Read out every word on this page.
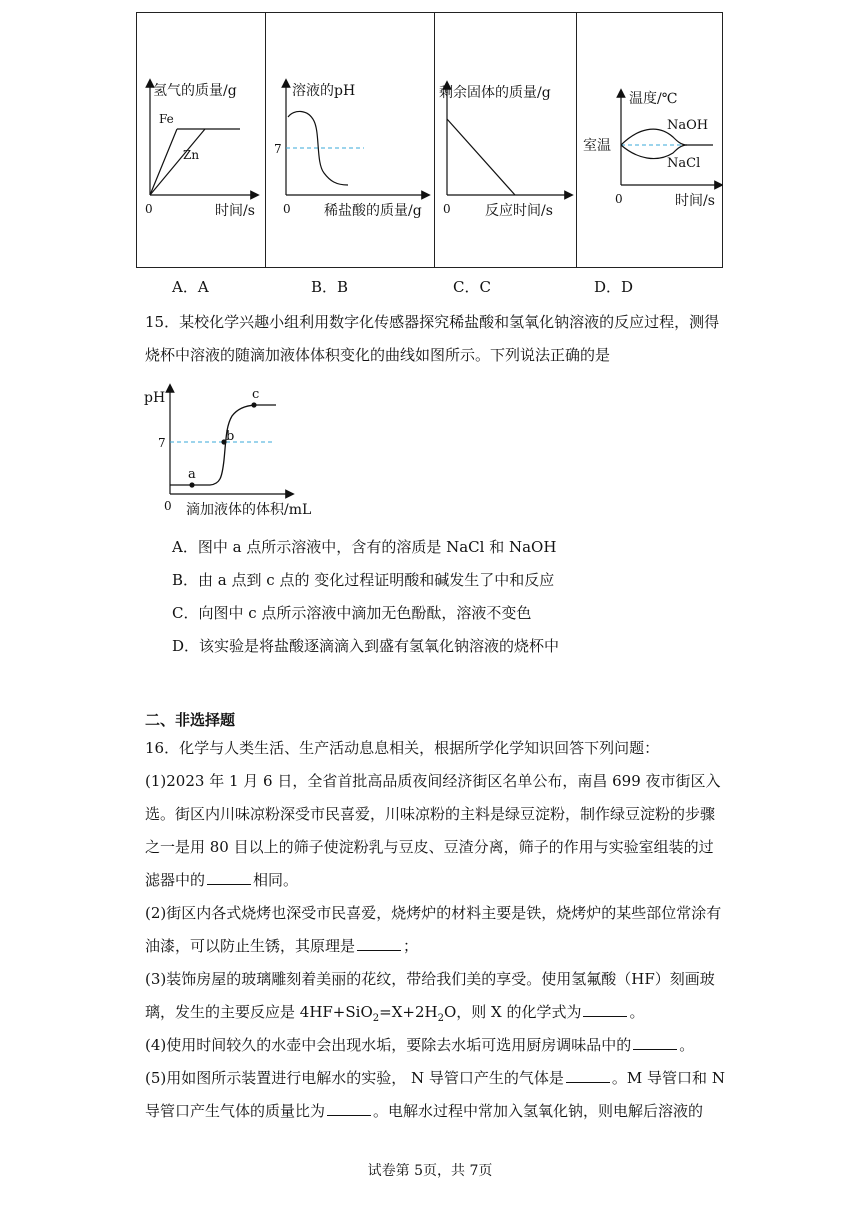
氢气的质量/g
Fe
Zn
0	时间/s
溶液的pH
7
0 稀盐酸的质量/g
剩余固体的质量/g
0 反应时间/s
温度/℃
NaOH
室温
NaCl
0	时间/s
A．A	B．B	C．C	D．D
15．某校化学兴趣小组利用数字化传感器探究稀盐酸和氢氧化钠溶液的反应过程，测得
烧杯中溶液的随滴加液体体积变化的曲线如图所示。下列说法正确的是
pH
7
a
b
c
0 滴加液体的体积/mL
A．图中 a 点所示溶液中，含有的溶质是 NaCl 和 NaOH
B．由 a 点到 c 点的 变化过程证明酸和碱发生了中和反应
C．向图中 c 点所示溶液中滴加无色酚酞，溶液不变色
D．该实验是将盐酸逐滴滴入到盛有氢氧化钠溶液的烧杯中
二、非选择题
16．化学与人类生活、生产活动息息相关，根据所学化学知识回答下列问题：
(1)2023 年 1 月 6 日，全省首批高品质夜间经济街区名单公布，南昌 699 夜市街区入
选。街区内川味凉粉深受市民喜爱，川味凉粉的主料是绿豆淀粉，制作绿豆淀粉的步骤
之一是用 80 目以上的筛子使淀粉乳与豆皮、豆渣分离，筛子的作用与实验室组装的过
滤器中的	相同。
(2)街区内各式烧烤也深受市民喜爱，烧烤炉的材料主要是铁，烧烤炉的某些部位常涂有
油漆，可以防止生锈，其原理是	；
(3)装饰房屋的玻璃雕刻着美丽的花纹，带给我们美的享受。使用氢氟酸（HF）刻画玻
璃，发生的主要反应是 $4HF+SiO_2=X+2H_2O$，则 X 的化学式为	。
(4)使用时间较久的水壶中会出现水垢，要除去水垢可选用厨房调味品中的	。
(5)用如图所示装置进行电解水的实验， N 导管口产生的气体是	。M 导管口和 N
导管口产生气体的质量比为	。电解水过程中常加入氢氧化钠，则电解后溶液的
试卷第 5页，共 7页
